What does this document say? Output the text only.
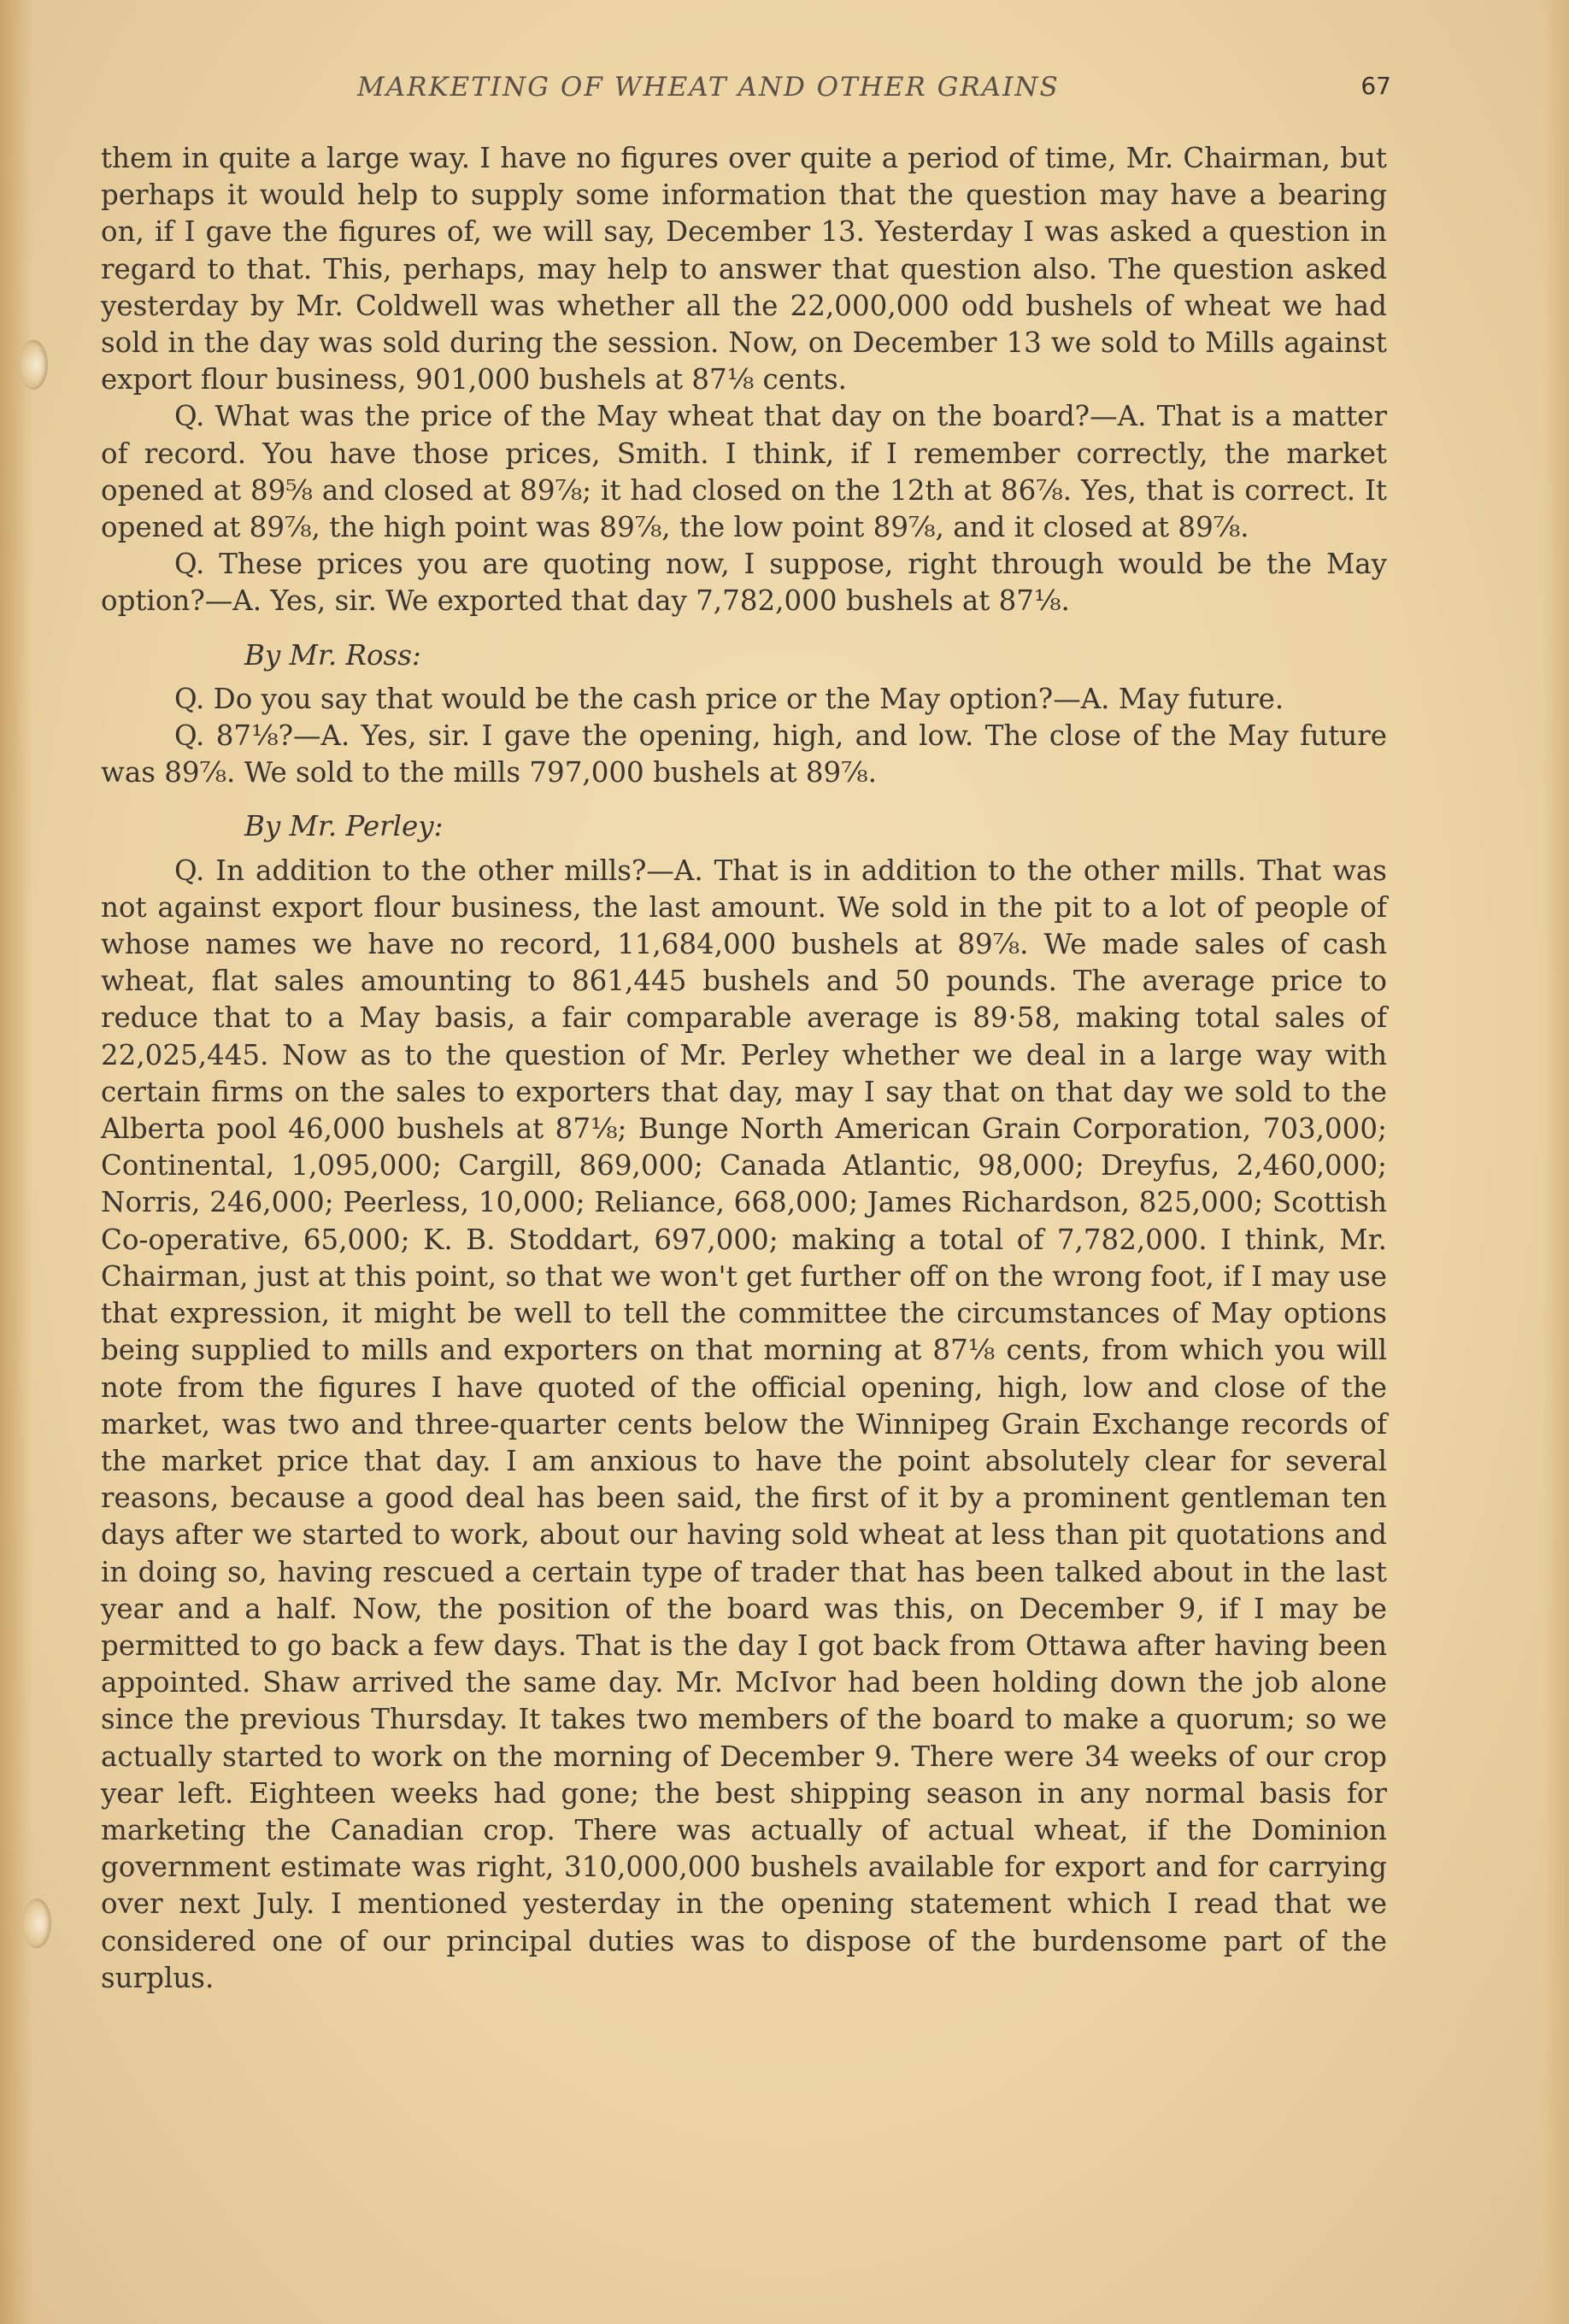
MARKETING OF WHEAT AND OTHER GRAINS	67

them in quite a large way. I have no figures over quite a period of time, Mr. Chairman, but perhaps it would help to supply some information that the question may have a bearing on, if I gave the figures of, we will say, December 13. Yesterday I was asked a question in regard to that. This, perhaps, may help to answer that question also. The question asked yesterday by Mr. Coldwell was whether all the 22,000,000 odd bushels of wheat we had sold in the day was sold during the session. Now, on December 13 we sold to Mills against export flour business, 901,000 bushels at 87⅛ cents.

Q. What was the price of the May wheat that day on the board?—A. That is a matter of record. You have those prices, Smith. I think, if I remember correctly, the market opened at 89⅝ and closed at 89⅞; it had closed on the 12th at 86⅞. Yes, that is correct. It opened at 89⅞, the high point was 89⅞, the low point 89⅞, and it closed at 89⅞.

Q. These prices you are quoting now, I suppose, right through would be the May option?—A. Yes, sir. We exported that day 7,782,000 bushels at 87⅛.

By Mr. Ross:

Q. Do you say that would be the cash price or the May option?—A. May future.

Q. 87⅛?—A. Yes, sir. I gave the opening, high, and low. The close of the May future was 89⅞. We sold to the mills 797,000 bushels at 89⅞.

By Mr. Perley:

Q. In addition to the other mills?—A. That is in addition to the other mills. That was not against export flour business, the last amount. We sold in the pit to a lot of people of whose names we have no record, 11,684,000 bushels at 89⅞. We made sales of cash wheat, flat sales amounting to 861,445 bushels and 50 pounds. The average price to reduce that to a May basis, a fair comparable average is 89·58, making total sales of 22,025,445. Now as to the question of Mr. Perley whether we deal in a large way with certain firms on the sales to exporters that day, may I say that on that day we sold to the Alberta pool 46,000 bushels at 87⅛; Bunge North American Grain Corporation, 703,000; Continental, 1,095,000; Cargill, 869,000; Canada Atlantic, 98,000; Dreyfus, 2,460,000; Norris, 246,000; Peerless, 10,000; Reliance, 668,000; James Richardson, 825,000; Scottish Co-operative, 65,000; K. B. Stoddart, 697,000; making a total of 7,782,000. I think, Mr. Chairman, just at this point, so that we won't get further off on the wrong foot, if I may use that expression, it might be well to tell the committee the circumstances of May options being supplied to mills and exporters on that morning at 87⅛ cents, from which you will note from the figures I have quoted of the official opening, high, low and close of the market, was two and three-quarter cents below the Winnipeg Grain Exchange records of the market price that day. I am anxious to have the point absolutely clear for several reasons, because a good deal has been said, the first of it by a prominent gentleman ten days after we started to work, about our having sold wheat at less than pit quotations and in doing so, having rescued a certain type of trader that has been talked about in the last year and a half. Now, the position of the board was this, on December 9, if I may be permitted to go back a few days. That is the day I got back from Ottawa after having been appointed. Shaw arrived the same day. Mr. McIvor had been holding down the job alone since the previous Thursday. It takes two members of the board to make a quorum; so we actually started to work on the morning of December 9. There were 34 weeks of our crop year left. Eighteen weeks had gone; the best shipping season in any normal basis for marketing the Canadian crop. There was actually of actual wheat, if the Dominion government estimate was right, 310,000,000 bushels available for export and for carrying over next July. I mentioned yesterday in the opening statement which I read that we considered one of our principal duties was to dispose of the burdensome part of the surplus.
